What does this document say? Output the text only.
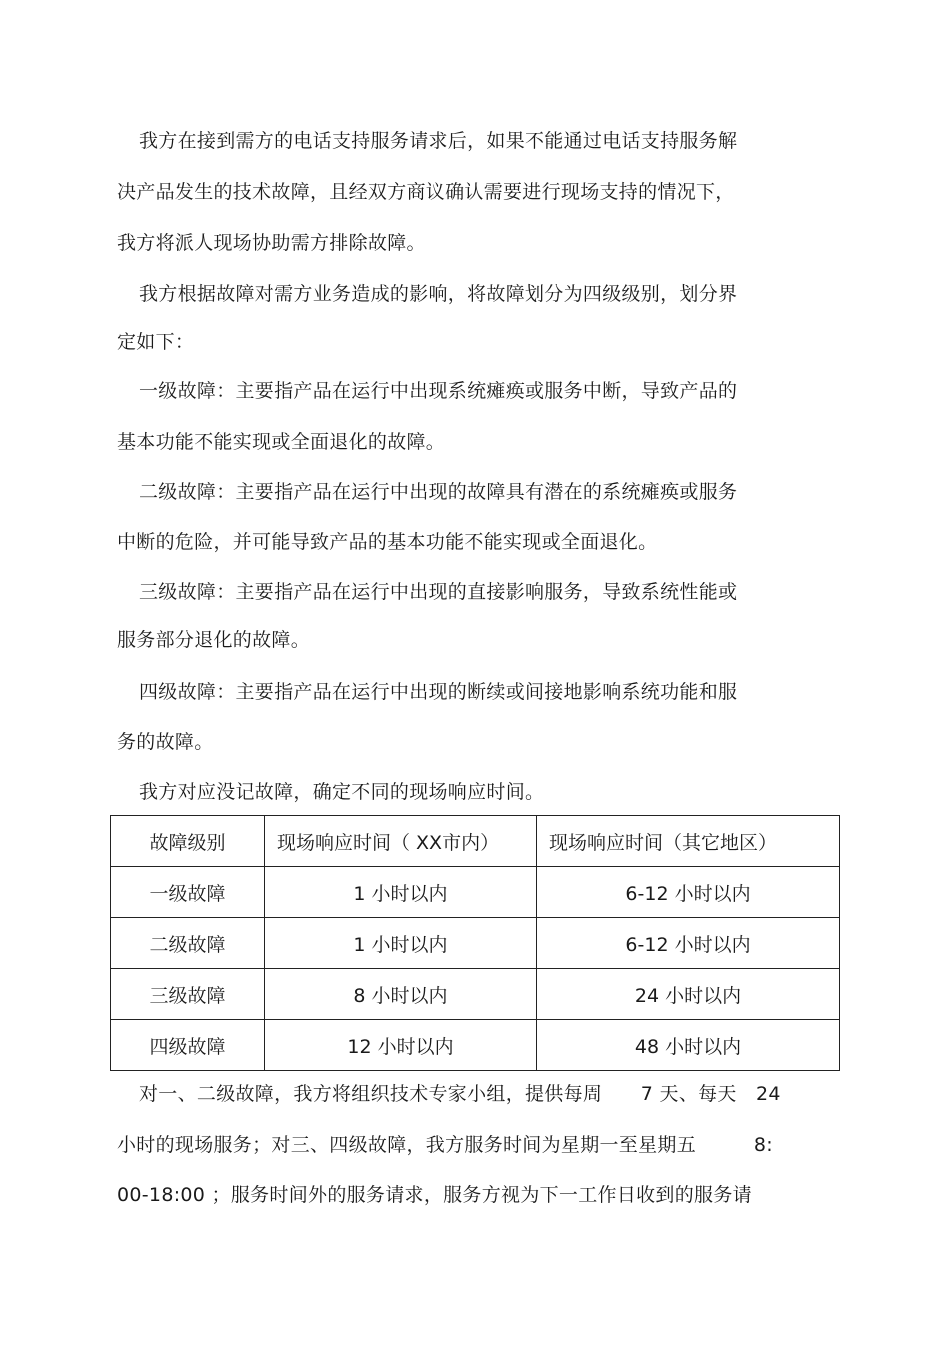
我方在接到需方的电话支持服务请求后，如果不能通过电话支持服务解
决产品发生的技术故障，且经双方商议确认需要进行现场支持的情况下，
我方将派人现场协助需方排除故障。
我方根据故障对需方业务造成的影响，将故障划分为四级级别，划分界
定如下：
一级故障：主要指产品在运行中出现系统瘫痪或服务中断，导致产品的
基本功能不能实现或全面退化的故障。
二级故障：主要指产品在运行中出现的故障具有潜在的系统瘫痪或服务
中断的危险，并可能导致产品的基本功能不能实现或全面退化。
三级故障：主要指产品在运行中出现的直接影响服务，导致系统性能或
服务部分退化的故障。
四级故障：主要指产品在运行中出现的断续或间接地影响系统功能和服
务的故障。
我方对应没记故障，确定不同的现场响应时间。
故障级别	现场响应时间（ XX市内）	现场响应时间（其它地区）
一级故障	1 小时以内	6-12 小时以内
二级故障	1 小时以内	6-12 小时以内
三级故障	8 小时以内	24 小时以内
四级故障	12 小时以内	48 小时以内
对一、二级故障，我方将组织技术专家小组，提供每周　　7 天、每天　24
小时的现场服务；对三、四级故障，我方服务时间为星期一至星期五　　　8:
00-18:00 ；服务时间外的服务请求，服务方视为下一工作日收到的服务请
